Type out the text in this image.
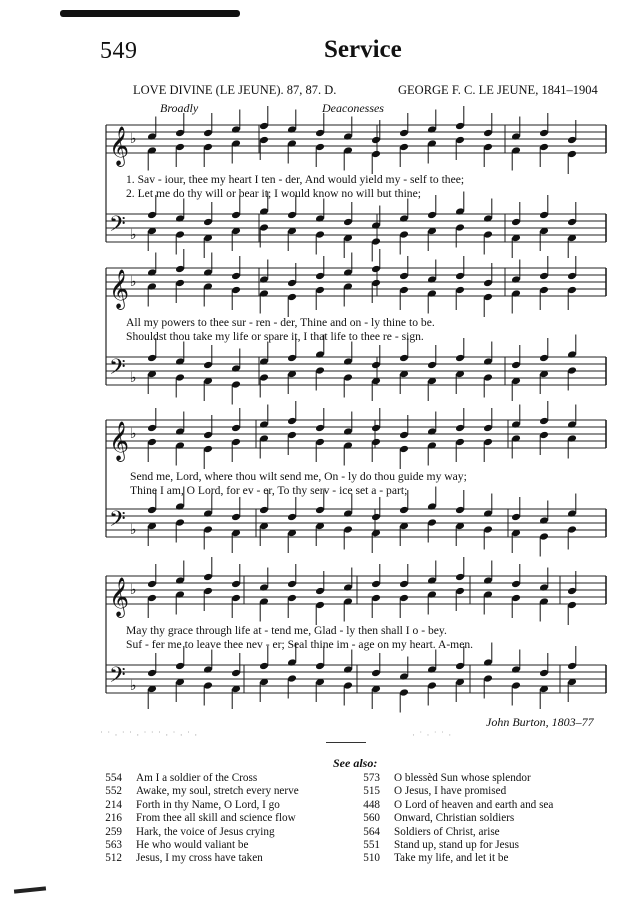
549	Service
LOVE DIVINE (LE JEUNE). 87, 87. D.	GEORGE F. C. LE JEUNE, 1841–1904
Broadly	Deaconesses
𝄞 ♭
𝄢 ♭
𝄞 ♭
𝄢 ♭
𝄞 ♭
𝄢 ♭
𝄞 ♭
𝄢 ♭
1. Sav - iour, thee my heart I ten - der, And would yield my - self to thee;
2. Let me do thy will or bear it; I would know no will but thine;
All my powers to thee sur - ren - der, Thine and on - ly thine to be.
Shouldst thou take my life or spare it, I that life to thee re - sign.
Send me, Lord, where thou wilt send me, On - ly do thou guide my way;
Thine I am, O Lord, for ev - er, To thy serv - ice set a - part;
May thy grace through life at - tend me, Glad - ly then shall I o - bey.
Suf - fer me to leave thee nev - er; Seal thine im - age on my heart. A-men.
˙ ˙ · ˙ ˙ · ˙ ˙ ˙ · ˙ · ˙ ·	· ˙ · ˙ ˙ ·
John Burton, 1803–77
See also:
554 Am I a soldier of the Cross
552 Awake, my soul, stretch every nerve
214 Forth in thy Name, O Lord, I go
216 From thee all skill and science flow
259 Hark, the voice of Jesus crying
563 He who would valiant be
512 Jesus, I my cross have taken
573 O blessèd Sun whose splendor
515 O Jesus, I have promised
448 O Lord of heaven and earth and sea
560 Onward, Christian soldiers
564 Soldiers of Christ, arise
551 Stand up, stand up for Jesus
510 Take my life, and let it be
